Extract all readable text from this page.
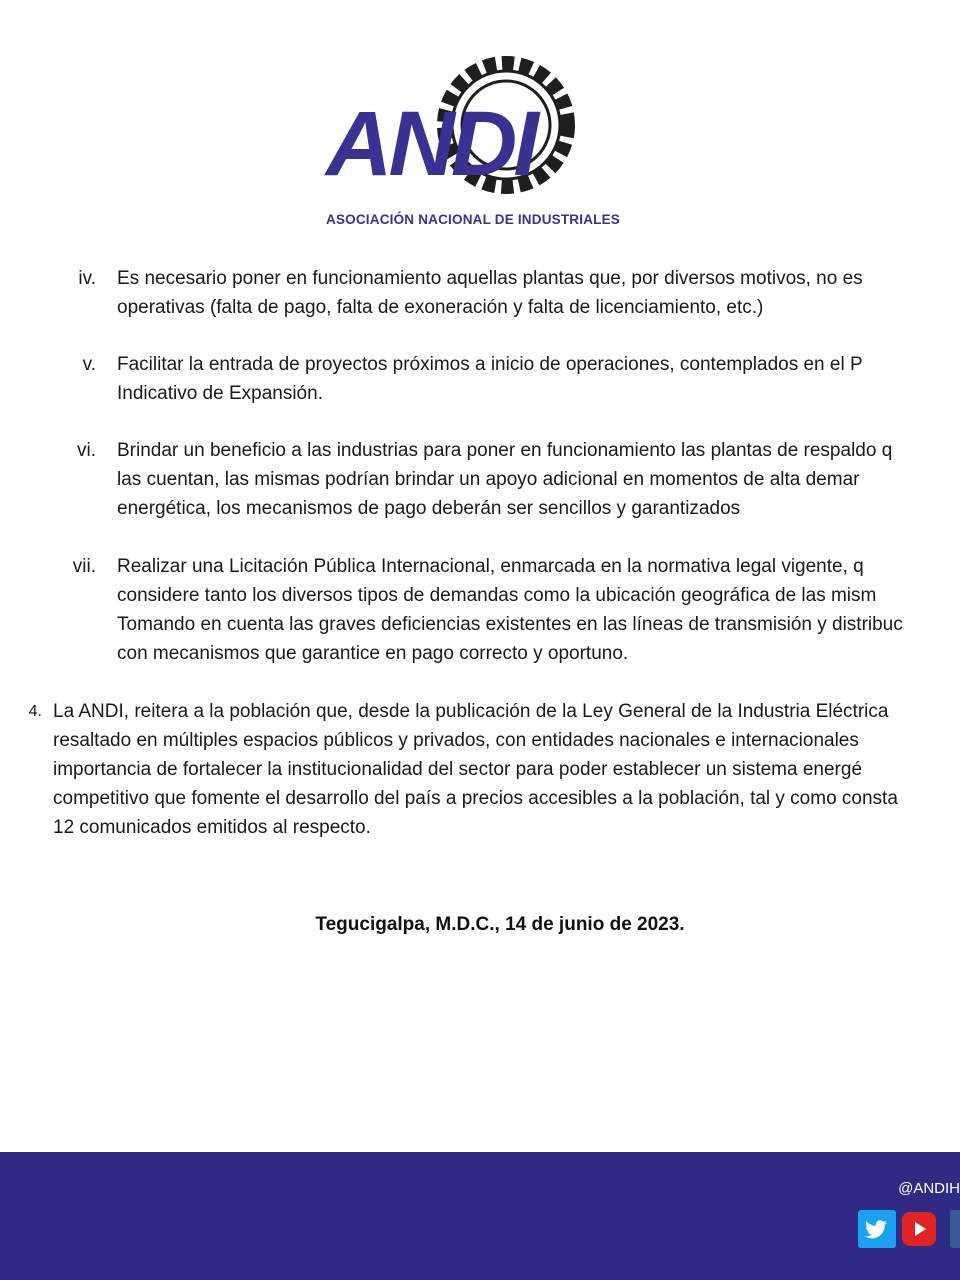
ANDI
ASOCIACIÓN NACIONAL DE INDUSTRIALES
iv. Es necesario poner en funcionamiento aquellas plantas que, por diversos motivos, no es
operativas (falta de pago, falta de exoneración y falta de licenciamiento, etc.)
v. Facilitar la entrada de proyectos próximos a inicio de operaciones, contemplados en el P
Indicativo de Expansión.
vi. Brindar un beneficio a las industrias para poner en funcionamiento las plantas de respaldo q
las cuentan, las mismas podrían brindar un apoyo adicional en momentos de alta demar
energética, los mecanismos de pago deberán ser sencillos y garantizados
vii. Realizar una Licitación Pública Internacional, enmarcada en la normativa legal vigente, q
considere tanto los diversos tipos de demandas como la ubicación geográfica de las mism
Tomando en cuenta las graves deficiencias existentes en las líneas de transmisión y distribuc
con mecanismos que garantice en pago correcto y oportuno.
4. La ANDI, reitera a la población que, desde la publicación de la Ley General de la Industria Eléctrica
resaltado en múltiples espacios públicos y privados, con entidades nacionales e internacionales
importancia de fortalecer la institucionalidad del sector para poder establecer un sistema energé
competitivo que fomente el desarrollo del país a precios accesibles a la población, tal y como consta
12 comunicados emitidos al respecto.
Tegucigalpa, M.D.C., 14 de junio de 2023.
@ANDIH
